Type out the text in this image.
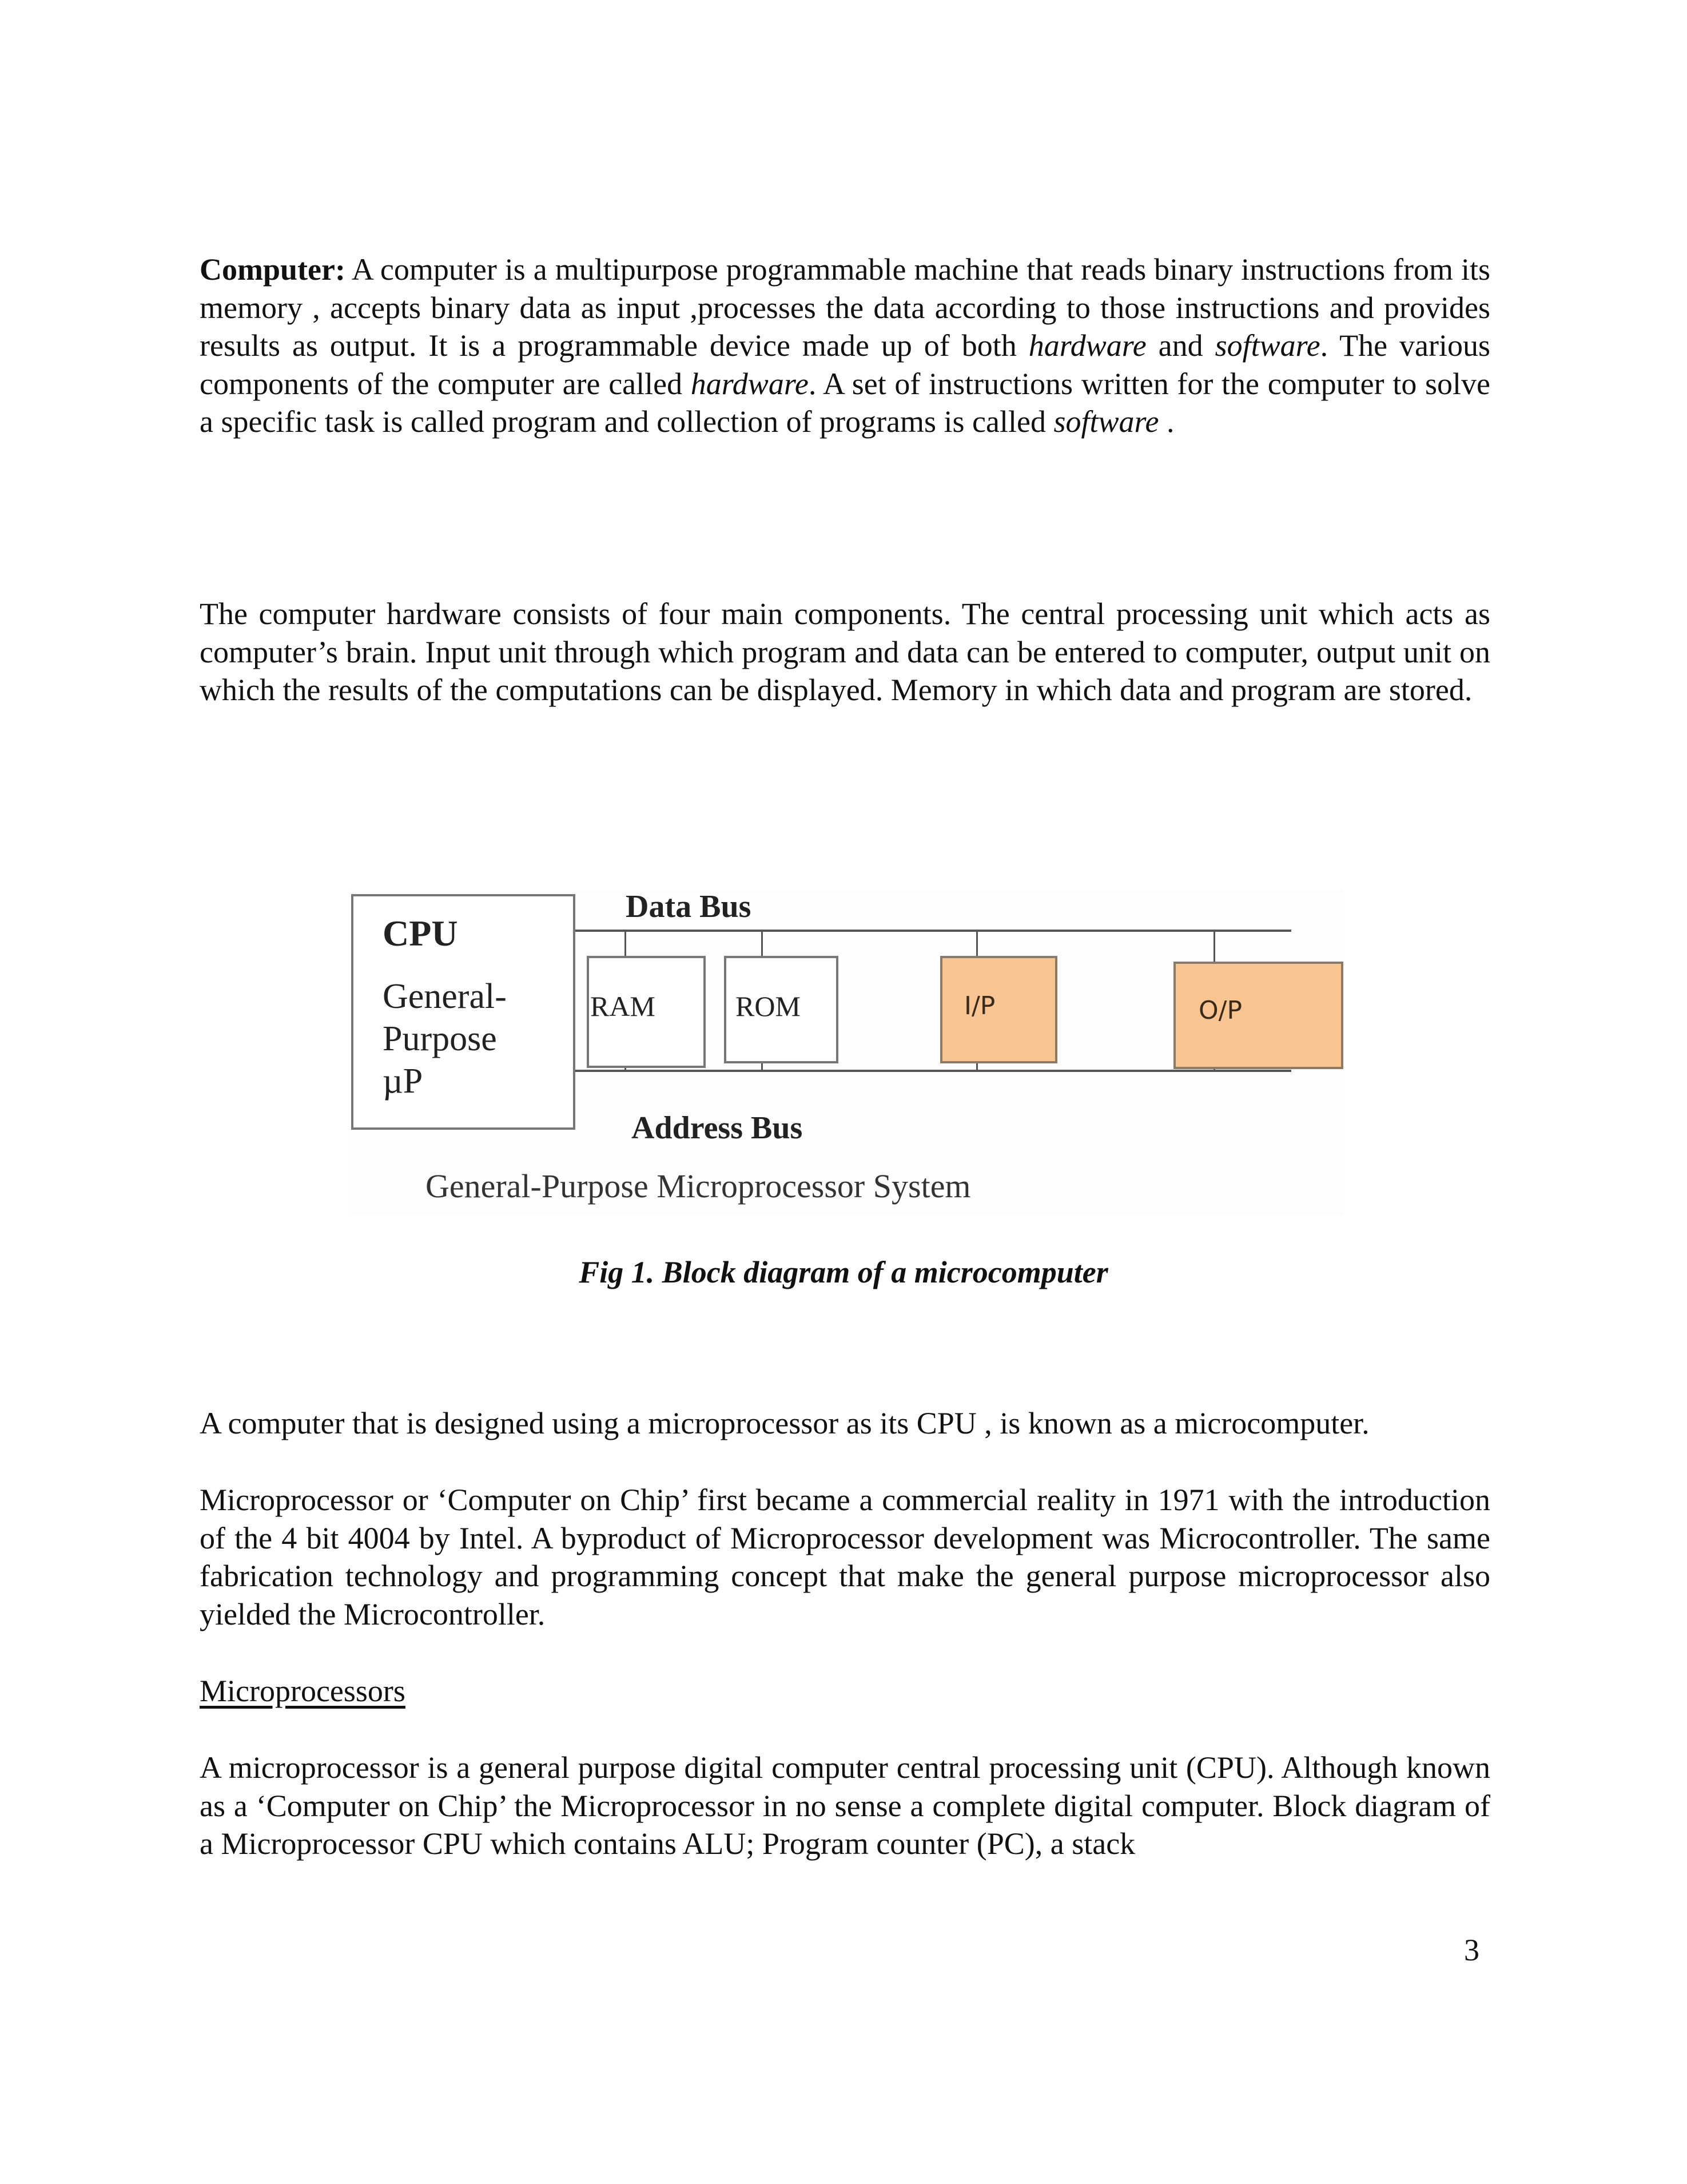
Computer: A computer is a multipurpose programmable machine that reads binary instructions from its memory , accepts binary data as input ,processes the data according to those instructions and provides results as output. It is a programmable device made up of both hardware and software. The various components of the computer are called hardware. A set of instructions written for the computer to solve a specific task is called program and collection of programs is called software .

The computer hardware consists of four main components. The central processing unit which acts as computer’s brain. Input unit through which program and data can be entered to computer, output unit on which the results of the computations can be displayed. Memory in which data and program are stored.

CPU
General-
Purpose
µP
Data Bus
Address Bus
RAM	ROM	I/P	O/P
General-Purpose Microprocessor System
Fig 1. Block diagram of a microcomputer

A computer that is designed using a microprocessor as its CPU , is known as a microcomputer.

Microprocessor or ‘Computer on Chip’ first became a commercial reality in 1971 with the introduction of the 4 bit 4004 by Intel. A byproduct of Microprocessor development was Microcontroller. The same fabrication technology and programming concept that make the general purpose microprocessor also yielded the Microcontroller.

Microprocessors

A microprocessor is a general purpose digital computer central processing unit (CPU). Although known as a ‘Computer on Chip’ the Microprocessor in no sense a complete digital computer. Block diagram of a Microprocessor CPU which contains ALU; Program counter (PC), a stack

3
